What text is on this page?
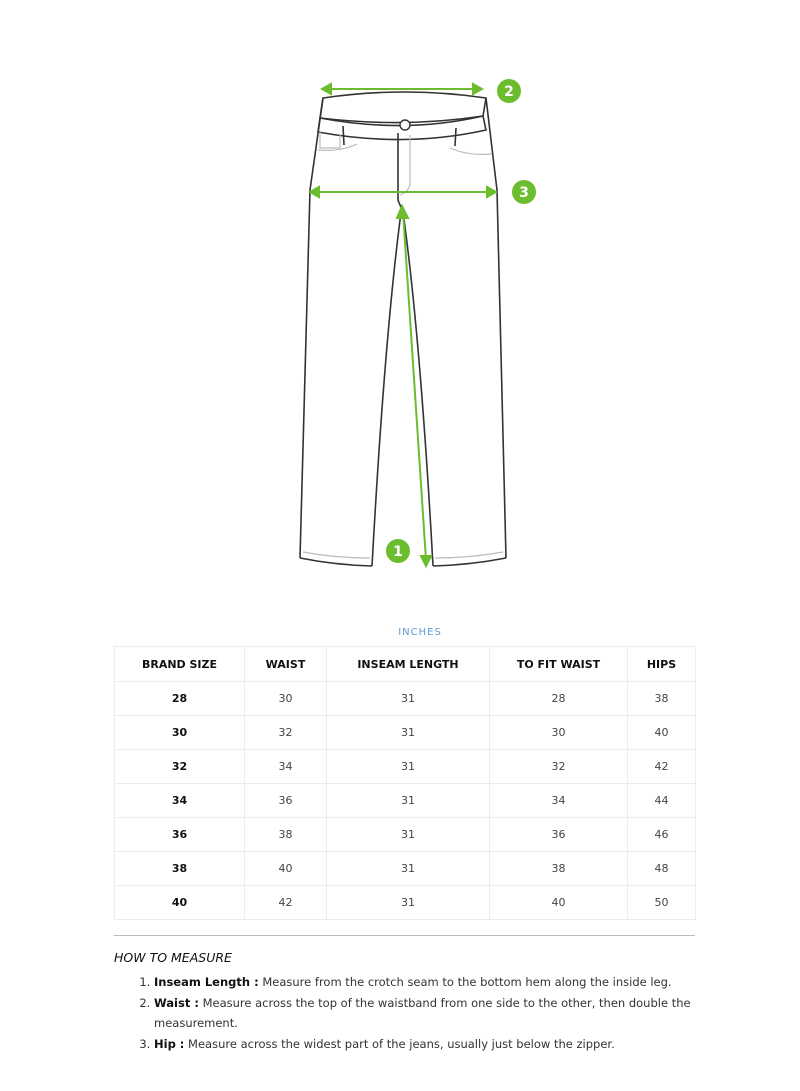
2
3
1
INCHES
BRAND SIZE	WAIST	INSEAM LENGTH	TO FIT WAIST	HIPS
28	30	31	28	38
30	32	31	30	40
32	34	31	32	42
34	36	31	34	44
36	38	31	36	46
38	40	31	38	48
40	42	31	40	50
HOW TO MEASURE
1. Inseam Length : Measure from the crotch seam to the bottom hem along the inside leg.
2. Waist : Measure across the top of the waistband from one side to the other, then double the measurement.
3. Hip : Measure across the widest part of the jeans, usually just below the zipper.
